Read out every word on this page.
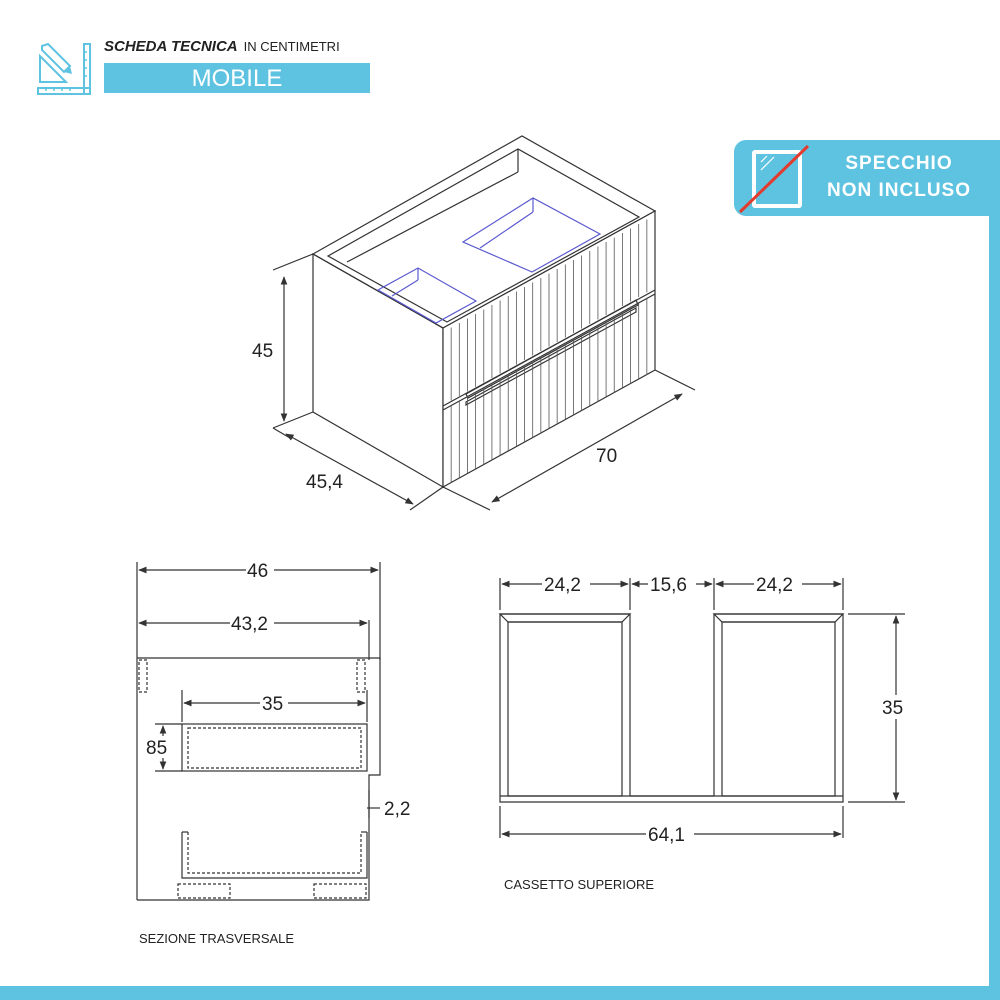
SCHEDA TECNICA IN CENTIMETRI
MOBILE
SPECCHIO
NON INCLUSO
45
45,4
70
46
43,2
35
85
2,2
SEZIONE TRASVERSALE
24,2	15,6	24,2
35
64,1
CASSETTO SUPERIORE
